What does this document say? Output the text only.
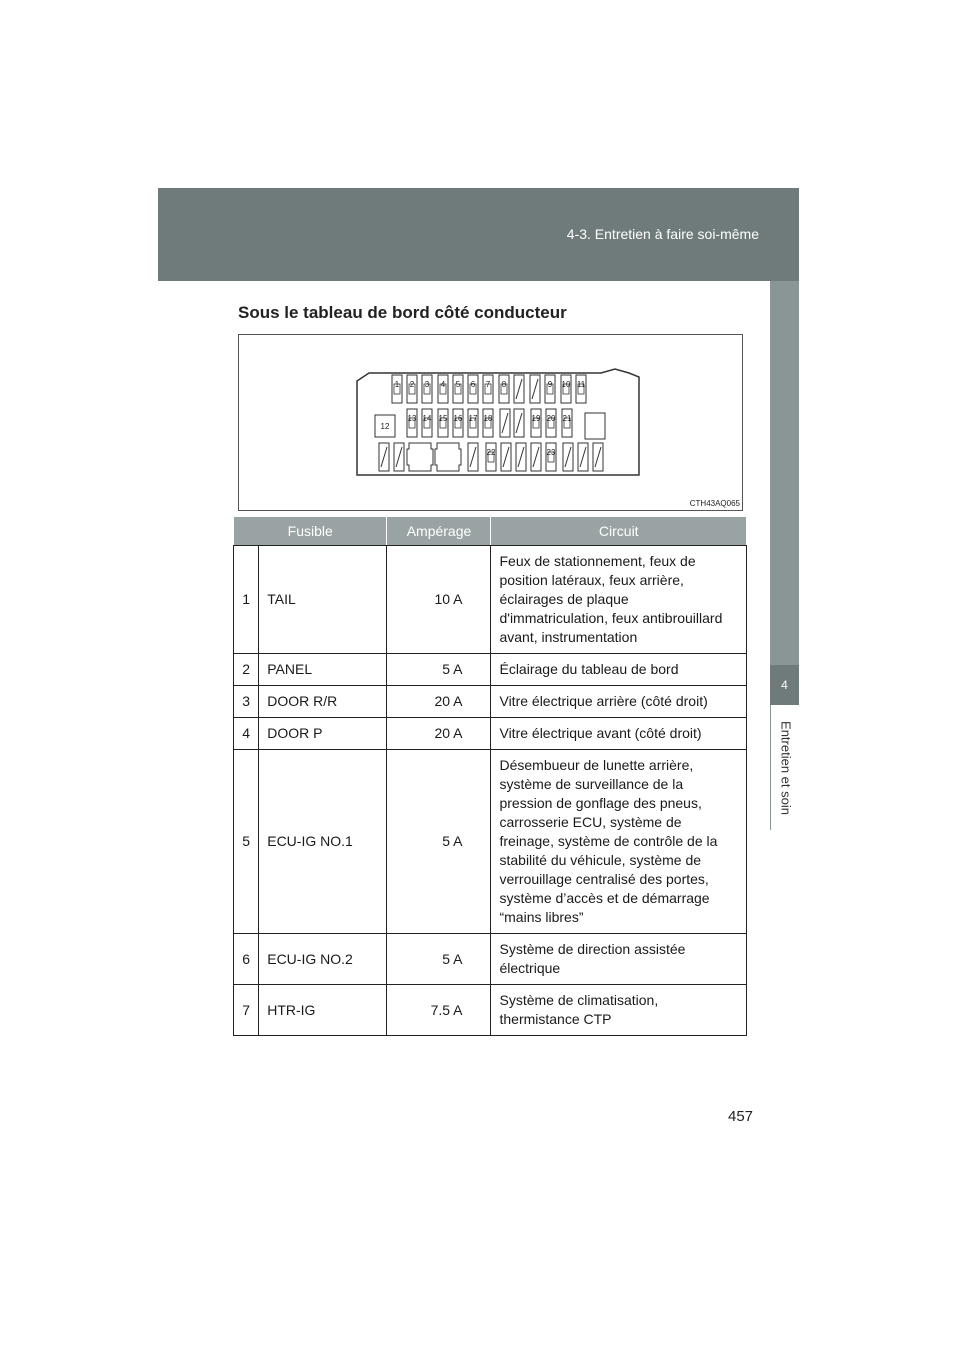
4-3. Entretien à faire soi-même
4
Entretien et soin
Sous le tableau de bord côté conducteur
1 2 3 4 5 6 7 8	9 10 11
12
13 14 15 16 17 18	19 20 21
22	23
CTH43AQ065
Fusible		Ampérage	Circuit
1	TAIL	10 A	Feux de stationnement, feux de position latéraux, feux arrière, éclairages de plaque d'immatriculation, feux antibrouillard avant, instrumentation
2	PANEL	5 A	Éclairage du tableau de bord
3	DOOR R/R	20 A	Vitre électrique arrière (côté droit)
4	DOOR P	20 A	Vitre électrique avant (côté droit)
5	ECU-IG NO.1	5 A	Désembueur de lunette arrière, système de surveillance de la pression de gonflage des pneus, carrosserie ECU, système de freinage, système de contrôle de la stabilité du véhicule, système de verrouillage centralisé des portes, système d’accès et de démarrage “mains libres”
6	ECU-IG NO.2	5 A	Système de direction assistée électrique
7	HTR-IG	7.5 A	Système de climatisation, thermistance CTP
457
